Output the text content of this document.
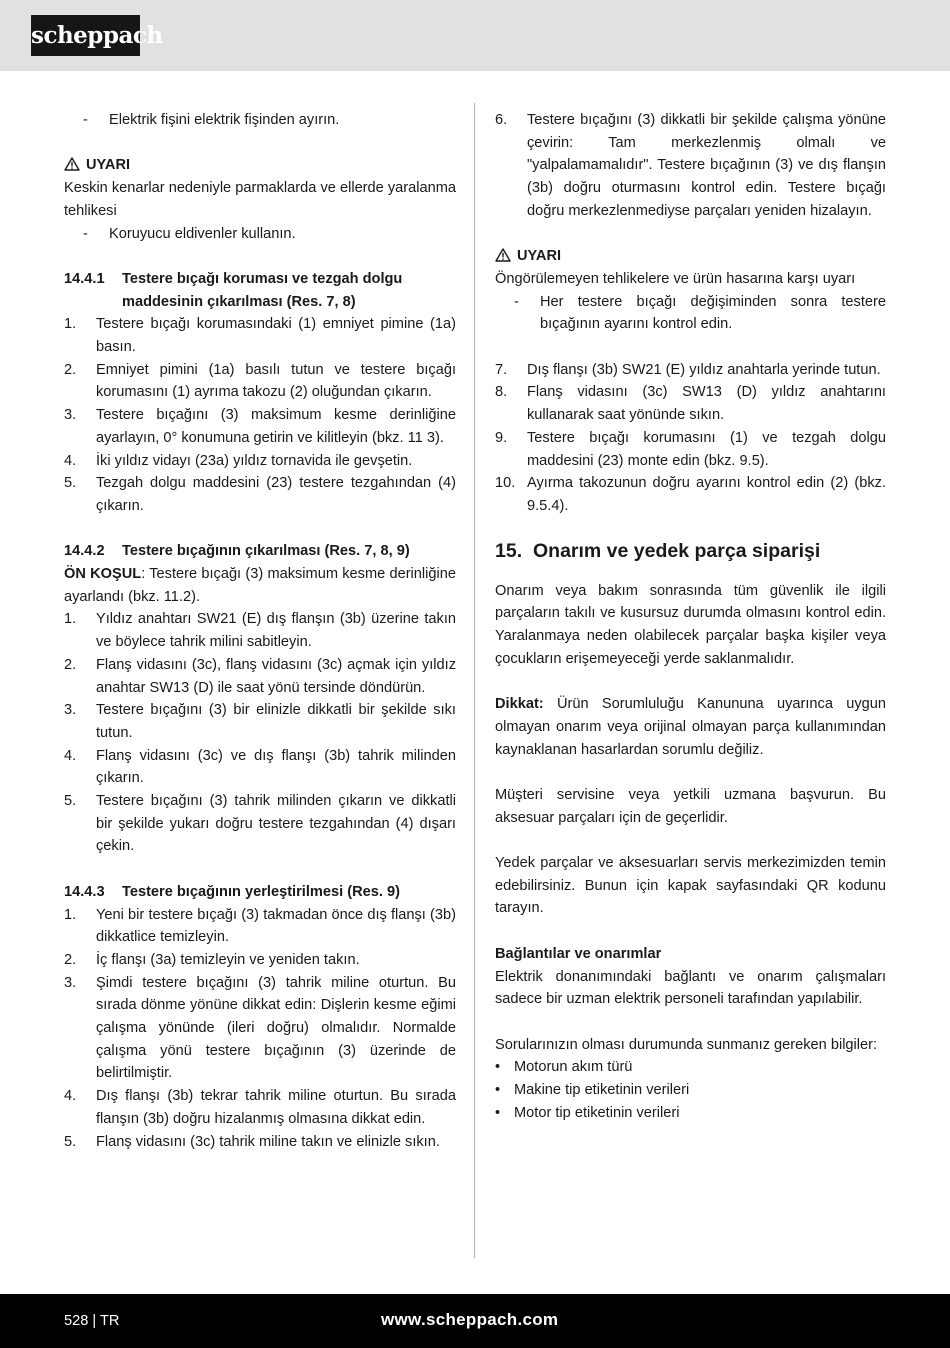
scheppach
- Elektrik fişini elektrik fişinden ayırın.
UYARI

Keskin kenarlar nedeniyle parmaklarda ve ellerde yaralanma tehlikesi

- Koruyucu eldivenler kullanın.
14.4.1 Testere bıçağı koruması ve tezgah dolgu maddesinin çıkarılması (Res. 7, 8)
1. Testere bıçağı korumasındaki (1) emniyet pimine (1a) basın.
2. Emniyet pimini (1a) basılı tutun ve testere bıçağı korumasını (1) ayrıma takozu (2) oluğundan çıkarın.
3. Testere bıçağını (3) maksimum kesme derinliğine ayarlayın, 0° konumuna getirin ve kilitleyin (bkz. 11 3).
4. İki yıldız vidayı (23a) yıldız tornavida ile gevşetin.
5. Tezgah dolgu maddesini (23) testere tezgahından (4) çıkarın.
14.4.2 Testere bıçağının çıkarılması (Res. 7, 8, 9)

ÖN KOŞUL: Testere bıçağı (3) maksimum kesme derinliğine ayarlandı (bkz. 11.2).

1. Yıldız anahtarı SW21 (E) dış flanşın (3b) üzerine takın ve böylece tahrik milini sabitleyin.
2. Flanş vidasını (3c), flanş vidasını (3c) açmak için yıldız anahtar SW13 (D) ile saat yönü tersinde döndürün.
3. Testere bıçağını (3) bir elinizle dikkatli bir şekilde sıkı tutun.
4. Flanş vidasını (3c) ve dış flanşı (3b) tahrik milinden çıkarın.
5. Testere bıçağını (3) tahrik milinden çıkarın ve dikkatli bir şekilde yukarı doğru testere tezgahından (4) dışarı çekin.
14.4.3 Testere bıçağının yerleştirilmesi (Res. 9)
1. Yeni bir testere bıçağı (3) takmadan önce dış flanşı (3b) dikkatlice temizleyin.
2. İç flanşı (3a) temizleyin ve yeniden takın.
3. Şimdi testere bıçağını (3) tahrik miline oturtun. Bu sırada dönme yönüne dikkat edin: Dişlerin kesme eğimi çalışma yönünde (ileri doğru) olmalıdır. Normalde çalışma yönü testere bıçağının (3) üzerinde de belirtilmiştir.
4. Dış flanşı (3b) tekrar tahrik miline oturtun. Bu sırada flanşın (3b) doğru hizalanmış olmasına dikkat edin.
5. Flanş vidasını (3c) tahrik miline takın ve elinizle sıkın.
6. Testere bıçağını (3) dikkatli bir şekilde çalışma yönüne çevirin: Tam merkezlenmiş olmalı ve "yalpalamamalıdır". Testere bıçağının (3) ve dış flanşın (3b) doğru oturmasını kontrol edin. Testere bıçağı doğru merkezlenmediyse parçaları yeniden hizalayın.
UYARI

Öngörülemeyen tehlikelere ve ürün hasarına karşı uyarı

- Her testere bıçağı değişiminden sonra testere bıçağının ayarını kontrol edin.
7. Dış flanşı (3b) SW21 (E) yıldız anahtarla yerinde tutun.
8. Flanş vidasını (3c) SW13 (D) yıldız anahtarını kullanarak saat yönünde sıkın.
9. Testere bıçağı korumasını (1) ve tezgah dolgu maddesini (23) monte edin (bkz. 9.5).
10. Ayırma takozunun doğru ayarını kontrol edin (2) (bkz. 9.5.4).
15. Onarım ve yedek parça siparişi

Onarım veya bakım sonrasında tüm güvenlik ile ilgili parçaların takılı ve kusursuz durumda olmasını kontrol edin. Yaralanmaya neden olabilecek parçalar başka kişiler veya çocukların erişemeyeceği yerde saklanmalıdır.

Dikkat: Ürün Sorumluluğu Kanununa uyarınca uygun olmayan onarım veya orijinal olmayan parça kullanımından kaynaklanan hasarlardan sorumlu değiliz.

Müşteri servisine veya yetkili uzmana başvurun. Bu aksesuar parçaları için de geçerlidir.

Yedek parçalar ve aksesuarları servis merkezimizden temin edebilirsiniz. Bunun için kapak sayfasındaki QR kodunu tarayın.

Bağlantılar ve onarımlar

Elektrik donanımındaki bağlantı ve onarım çalışmaları sadece bir uzman elektrik personeli tarafından yapılabilir.

Sorularınızın olması durumunda sunmanız gereken bilgiler:

• Motorun akım türü
• Makine tip etiketinin verileri
• Motor tip etiketinin verileri
528 | TR	www.scheppach.com
